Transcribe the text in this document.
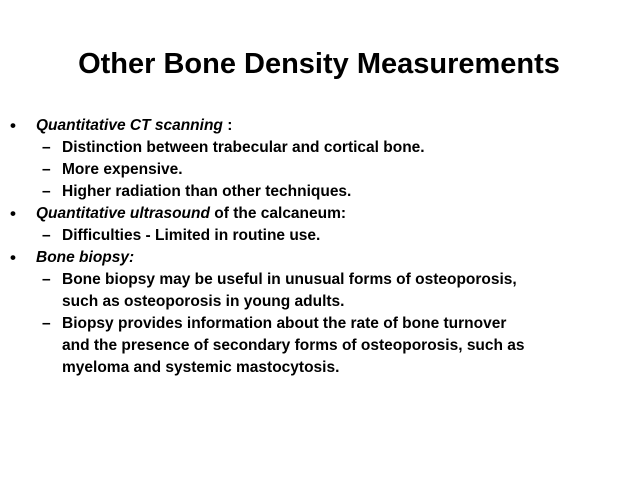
Other Bone Density Measurements
• Quantitative CT scanning :
– Distinction between trabecular and cortical bone.
– More expensive.
– Higher radiation than other techniques.
• Quantitative ultrasound of the calcaneum:
– Difficulties - Limited in routine use.
• Bone biopsy:
– Bone biopsy may be useful in unusual forms of osteoporosis,
such as osteoporosis in young adults.
– Biopsy provides information about the rate of bone turnover
and the presence of secondary forms of osteoporosis, such as
myeloma and systemic mastocytosis.
